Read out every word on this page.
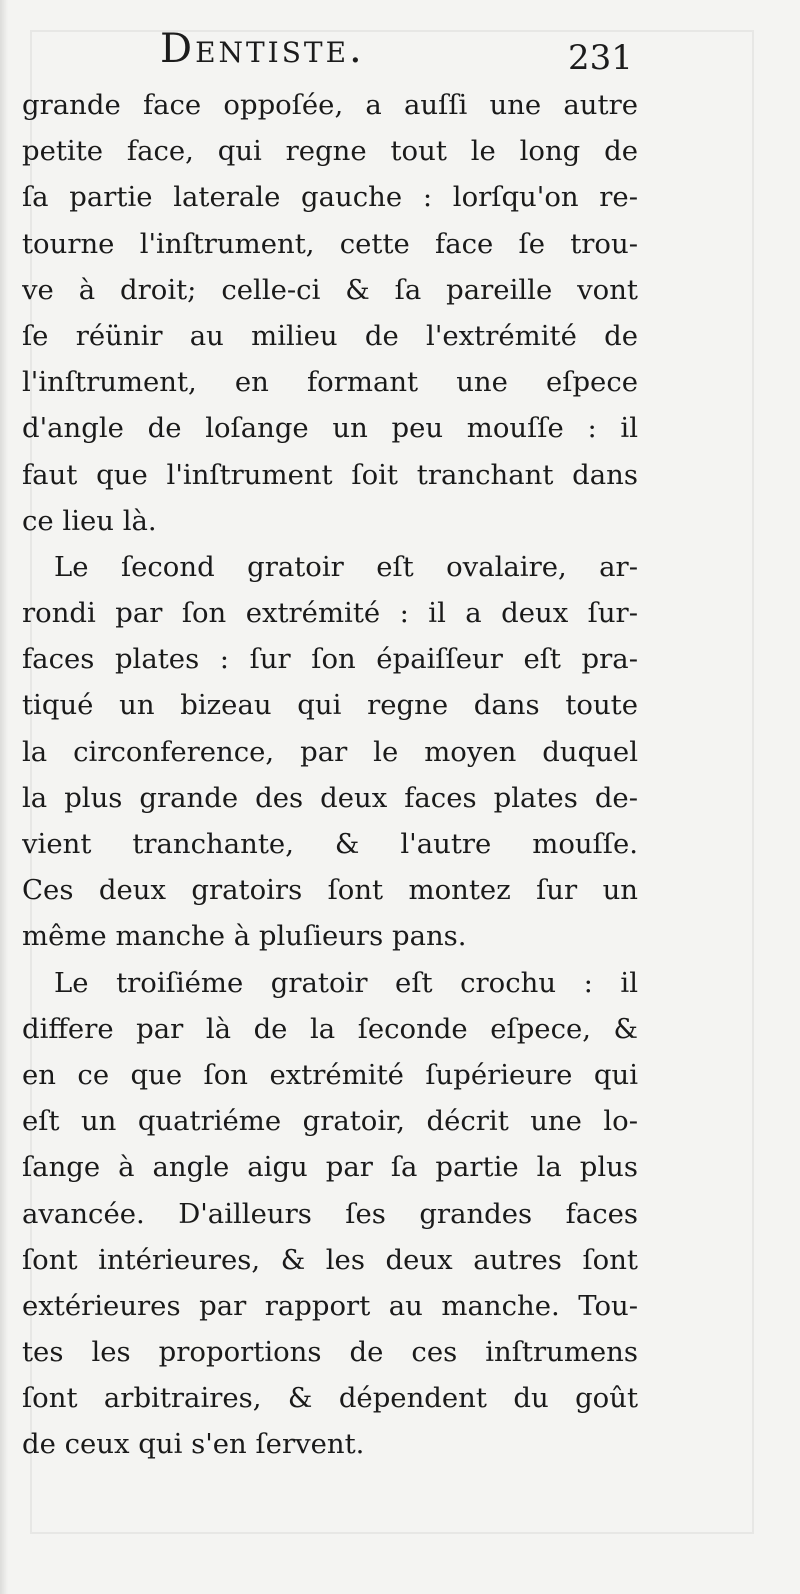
Dentiste.	231
grande face oppoſée, a auſſi une autre
petite face, qui regne tout le long de
ſa partie laterale gauche : lorſqu'on re-
tourne l'inſtrument, cette face ſe trou-
ve à droit; celle-ci & ſa pareille vont
ſe réünir au milieu de l'extrémité de
l'inſtrument, en formant une eſpece
d'angle de loſange un peu mouſſe : il
faut que l'inſtrument ſoit tranchant dans
ce lieu là.
Le ſecond gratoir eſt ovalaire, ar-
rondi par ſon extrémité : il a deux ſur-
faces plates : ſur ſon épaiſſeur eſt pra-
tiqué un bizeau qui regne dans toute
la circonference, par le moyen duquel
la plus grande des deux faces plates de-
vient tranchante, & l'autre mouſſe.
Ces deux gratoirs ſont montez ſur un
même manche à pluſieurs pans.
Le troiſiéme gratoir eſt crochu : il
differe par là de la ſeconde eſpece, &
en ce que ſon extrémité ſupérieure qui
eſt un quatriéme gratoir, décrit une lo-
ſange à angle aigu par ſa partie la plus
avancée. D'ailleurs ſes grandes faces
ſont intérieures, & les deux autres ſont
extérieures par rapport au manche. Tou-
tes les proportions de ces inſtrumens
ſont arbitraires, & dépendent du goût
de ceux qui s'en ſervent.
